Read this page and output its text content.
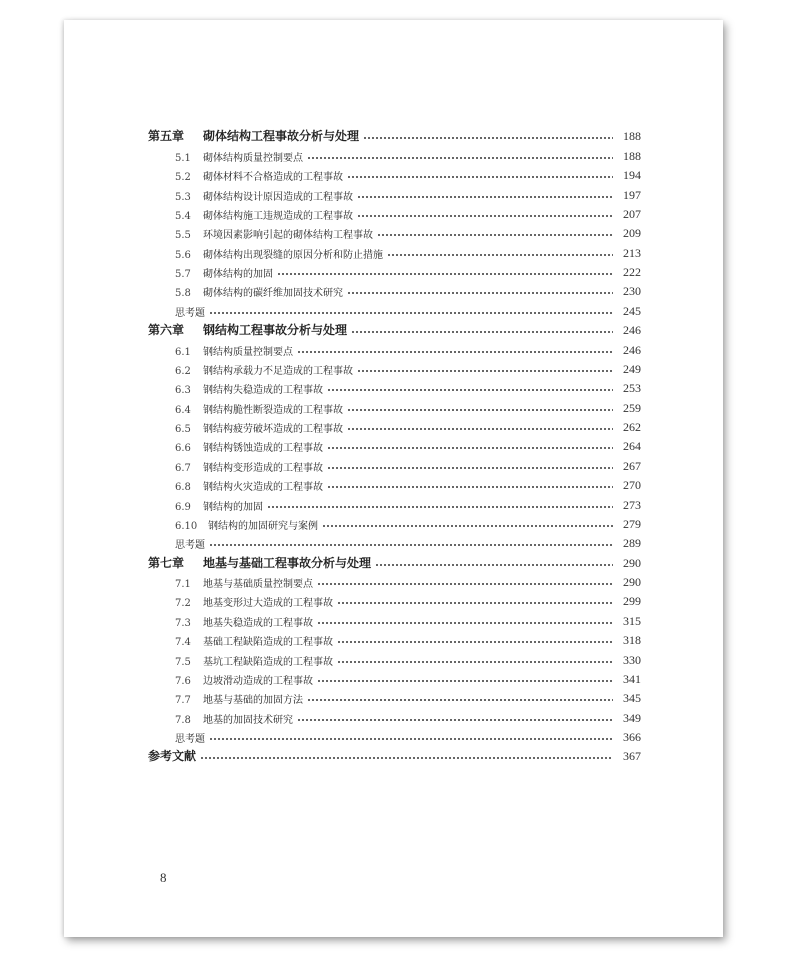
第五章	砌体结构工程事故分析与处理	188
5.1	砌体结构质量控制要点	188
5.2	砌体材料不合格造成的工程事故	194
5.3	砌体结构设计原因造成的工程事故	197
5.4	砌体结构施工违规造成的工程事故	207
5.5	环境因素影响引起的砌体结构工程事故	209
5.6	砌体结构出现裂缝的原因分析和防止措施	213
5.7	砌体结构的加固	222
5.8	砌体结构的碳纤维加固技术研究	230
思考题	245
第六章	钢结构工程事故分析与处理	246
6.1	钢结构质量控制要点	246
6.2	钢结构承载力不足造成的工程事故	249
6.3	钢结构失稳造成的工程事故	253
6.4	钢结构脆性断裂造成的工程事故	259
6.5	钢结构疲劳破坏造成的工程事故	262
6.6	钢结构锈蚀造成的工程事故	264
6.7	钢结构变形造成的工程事故	267
6.8	钢结构火灾造成的工程事故	270
6.9	钢结构的加固	273
6.10	钢结构的加固研究与案例	279
思考题	289
第七章	地基与基础工程事故分析与处理	290
7.1	地基与基础质量控制要点	290
7.2	地基变形过大造成的工程事故	299
7.3	地基失稳造成的工程事故	315
7.4	基础工程缺陷造成的工程事故	318
7.5	基坑工程缺陷造成的工程事故	330
7.6	边坡滑动造成的工程事故	341
7.7	地基与基础的加固方法	345
7.8	地基的加固技术研究	349
思考题	366
参考文献	367
8
